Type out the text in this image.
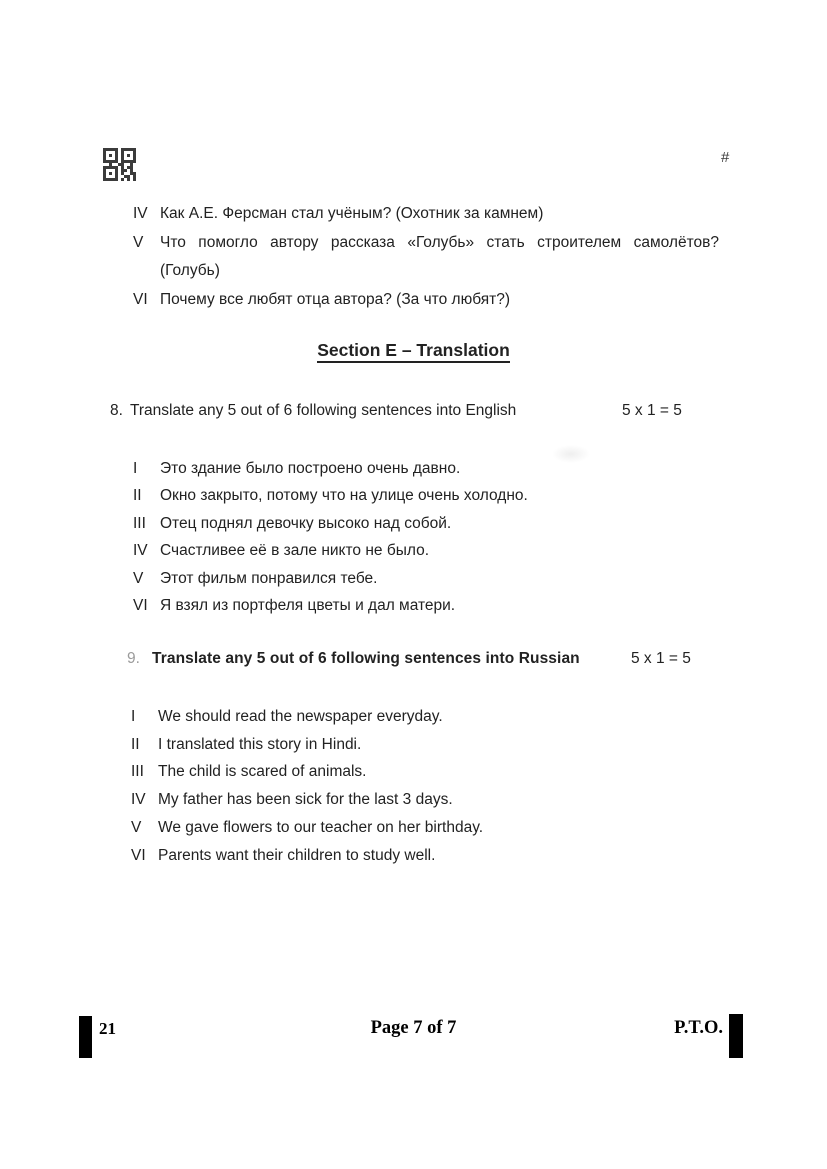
#
IV Как А.Е. Ферсман стал учёным? (Охотник за камнем)
V	Что помогло автору рассказа «Голубь» стать строителем самолётов?
(Голубь)
VI Почему все любят отца автора? (За что любят?)
Section E – Translation
8. Translate any 5 out of 6 following sentences into English	5 x 1 = 5
I	Это здание было построено очень давно.
II	Окно закрыто, потому что на улице очень холодно.
III Отец поднял девочку высоко над собой.
IV Счастливее её в зале никто не было.
V	Этот фильм понравился тебе.
VI Я взял из портфеля цветы и дал матери.
9. Translate any 5 out of 6 following sentences into Russian	5 x 1 = 5
I	We should read the newspaper everyday.
II	I translated this story in Hindi.
III The child is scared of animals.
IV My father has been sick for the last 3 days.
V	We gave flowers to our teacher on her birthday.
VI Parents want their children to study well.
21	Page 7 of 7	P.T.O.
